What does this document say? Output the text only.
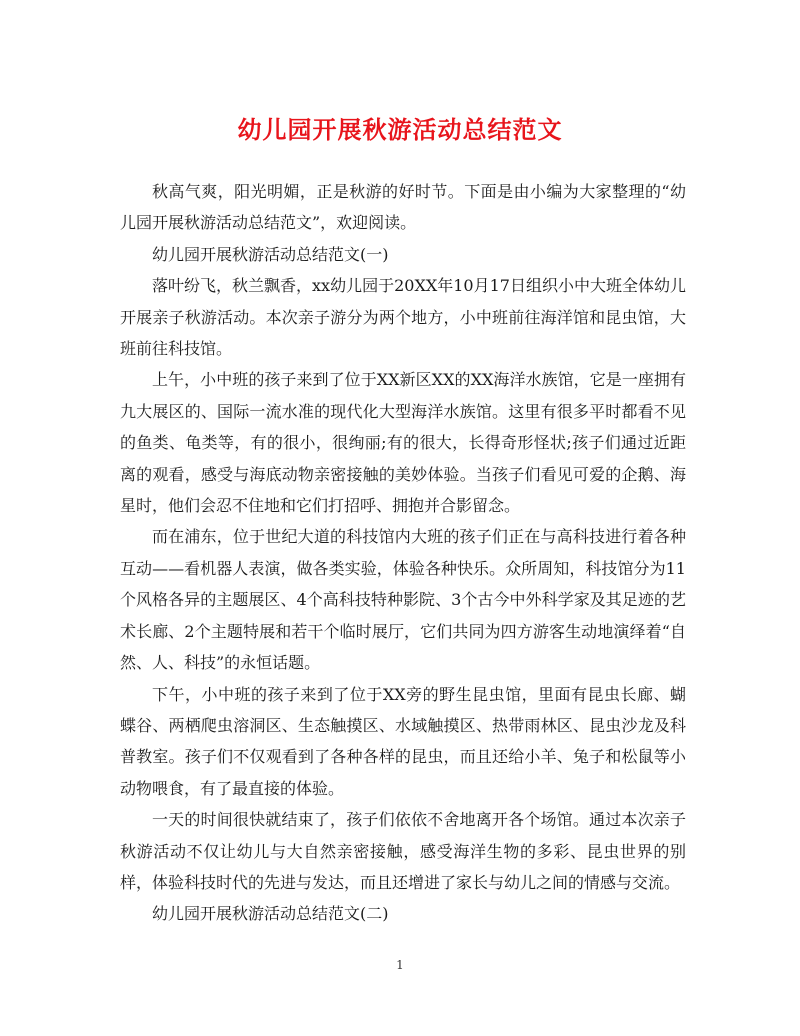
幼儿园开展秋游活动总结范文

秋高气爽，阳光明媚，正是秋游的好时节。下面是由小编为大家整理的“幼儿园开展秋游活动总结范文”，欢迎阅读。

幼儿园开展秋游活动总结范文(一)

落叶纷飞，秋兰飘香，xx幼儿园于20XX年10月17日组织小中大班全体幼儿开展亲子秋游活动。本次亲子游分为两个地方，小中班前往海洋馆和昆虫馆，大班前往科技馆。

上午，小中班的孩子来到了位于XX新区XX的XX海洋水族馆，它是一座拥有九大展区的、国际一流水准的现代化大型海洋水族馆。这里有很多平时都看不见的鱼类、龟类等，有的很小，很绚丽;有的很大，长得奇形怪状;孩子们通过近距离的观看，感受与海底动物亲密接触的美妙体验。当孩子们看见可爱的企鹅、海星时，他们会忍不住地和它们打招呼、拥抱并合影留念。

而在浦东，位于世纪大道的科技馆内大班的孩子们正在与高科技进行着各种互动——看机器人表演，做各类实验，体验各种快乐。众所周知，科技馆分为11个风格各异的主题展区、4个高科技特种影院、3个古今中外科学家及其足迹的艺术长廊、2个主题特展和若干个临时展厅，它们共同为四方游客生动地演绎着“自然、人、科技”的永恒话题。

下午，小中班的孩子来到了位于XX旁的野生昆虫馆，里面有昆虫长廊、蝴蝶谷、两栖爬虫溶洞区、生态触摸区、水域触摸区、热带雨林区、昆虫沙龙及科普教室。孩子们不仅观看到了各种各样的昆虫，而且还给小羊、兔子和松鼠等小动物喂食，有了最直接的体验。

一天的时间很快就结束了，孩子们依依不舍地离开各个场馆。通过本次亲子秋游活动不仅让幼儿与大自然亲密接触，感受海洋生物的多彩、昆虫世界的别样，体验科技时代的先进与发达，而且还增进了家长与幼儿之间的情感与交流。

幼儿园开展秋游活动总结范文(二)

1
